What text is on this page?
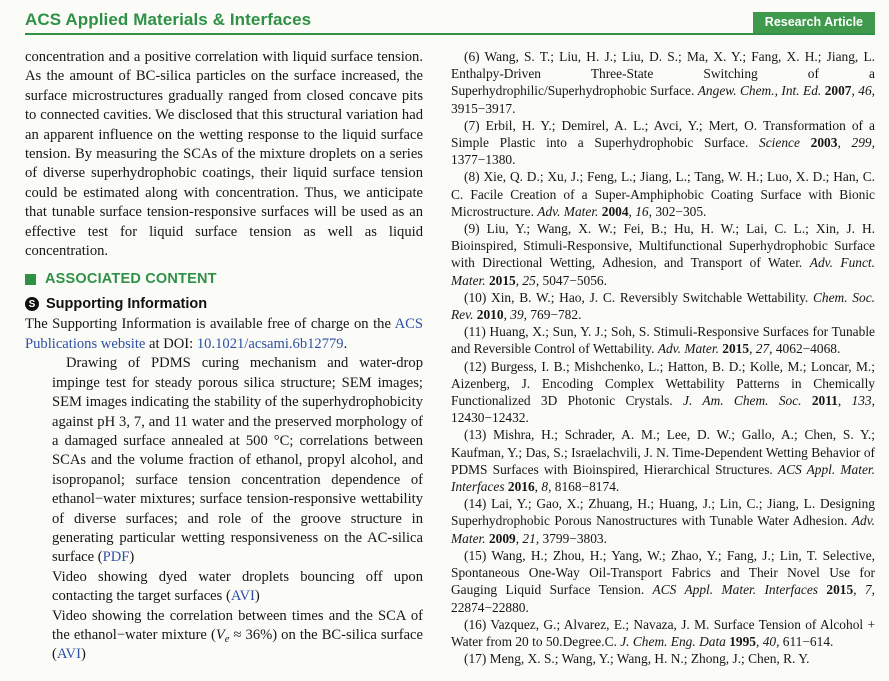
ACS Applied Materials & Interfaces	Research Article

concentration and a positive correlation with liquid surface tension. As the amount of BC-silica particles on the surface increased, the surface microstructures gradually ranged from closed concave pits to connected cavities. We disclosed that this structural variation had an apparent influence on the wetting response to the liquid surface tension. By measuring the SCAs of the mixture droplets on a series of diverse superhydrophobic coatings, their liquid surface tension could be estimated along with concentration. Thus, we anticipate that tunable surface tension-responsive surfaces will be used as an effective test for liquid surface tension as well as liquid concentration.

ASSOCIATED CONTENT
S Supporting Information

The Supporting Information is available free of charge on the ACS Publications website at DOI: 10.1021/acsami.6b12779.

Drawing of PDMS curing mechanism and water-drop impinge test for steady porous silica structure; SEM images; SEM images indicating the stability of the superhydrophobicity against pH 3, 7, and 11 water and the preserved morphology of a damaged surface annealed at 500 °C; correlations between SCAs and the volume fraction of ethanol, propyl alcohol, and isopropanol; surface tension concentration dependence of ethanol−water mixtures; surface tension-responsive wettability of diverse surfaces; and role of the groove structure in generating particular wetting responsiveness on the AC-silica surface (PDF)

Video showing dyed water droplets bouncing off upon contacting the target surfaces (AVI)

Video showing the correlation between times and the SCA of the ethanol−water mixture $(V_e \approx 36\%)$ on the BC-silica surface (AVI)

(6) Wang, S. T.; Liu, H. J.; Liu, D. S.; Ma, X. Y.; Fang, X. H.; Jiang, L. Enthalpy-Driven Three-State Switching of a Superhydrophilic/Superhydrophobic Surface. Angew. Chem., Int. Ed. 2007, 46, 3915−3917.

(7) Erbil, H. Y.; Demirel, A. L.; Avci, Y.; Mert, O. Transformation of a Simple Plastic into a Superhydrophobic Surface. Science 2003, 299, 1377−1380.

(8) Xie, Q. D.; Xu, J.; Feng, L.; Jiang, L.; Tang, W. H.; Luo, X. D.; Han, C. C. Facile Creation of a Super-Amphiphobic Coating Surface with Bionic Microstructure. Adv. Mater. 2004, 16, 302−305.

(9) Liu, Y.; Wang, X. W.; Fei, B.; Hu, H. W.; Lai, C. L.; Xin, J. H. Bioinspired, Stimuli-Responsive, Multifunctional Superhydrophobic Surface with Directional Wetting, Adhesion, and Transport of Water. Adv. Funct. Mater. 2015, 25, 5047−5056.

(10) Xin, B. W.; Hao, J. C. Reversibly Switchable Wettability. Chem. Soc. Rev. 2010, 39, 769−782.

(11) Huang, X.; Sun, Y. J.; Soh, S. Stimuli-Responsive Surfaces for Tunable and Reversible Control of Wettability. Adv. Mater. 2015, 27, 4062−4068.

(12) Burgess, I. B.; Mishchenko, L.; Hatton, B. D.; Kolle, M.; Loncar, M.; Aizenberg, J. Encoding Complex Wettability Patterns in Chemically Functionalized 3D Photonic Crystals. J. Am. Chem. Soc. 2011, 133, 12430−12432.

(13) Mishra, H.; Schrader, A. M.; Lee, D. W.; Gallo, A.; Chen, S. Y.; Kaufman, Y.; Das, S.; Israelachvili, J. N. Time-Dependent Wetting Behavior of PDMS Surfaces with Bioinspired, Hierarchical Structures. ACS Appl. Mater. Interfaces 2016, 8, 8168−8174.

(14) Lai, Y.; Gao, X.; Zhuang, H.; Huang, J.; Lin, C.; Jiang, L. Designing Superhydrophobic Porous Nanostructures with Tunable Water Adhesion. Adv. Mater. 2009, 21, 3799−3803.

(15) Wang, H.; Zhou, H.; Yang, W.; Zhao, Y.; Fang, J.; Lin, T. Selective, Spontaneous One-Way Oil-Transport Fabrics and Their Novel Use for Gauging Liquid Surface Tension. ACS Appl. Mater. Interfaces 2015, 7, 22874−22880.

(16) Vazquez, G.; Alvarez, E.; Navaza, J. M. Surface Tension of Alcohol + Water from 20 to 50.Degree.C. J. Chem. Eng. Data 1995, 40, 611−614.

(17) Meng, X. S.; Wang, Y.; Wang, H. N.; Zhong, J.; Chen, R. Y.
